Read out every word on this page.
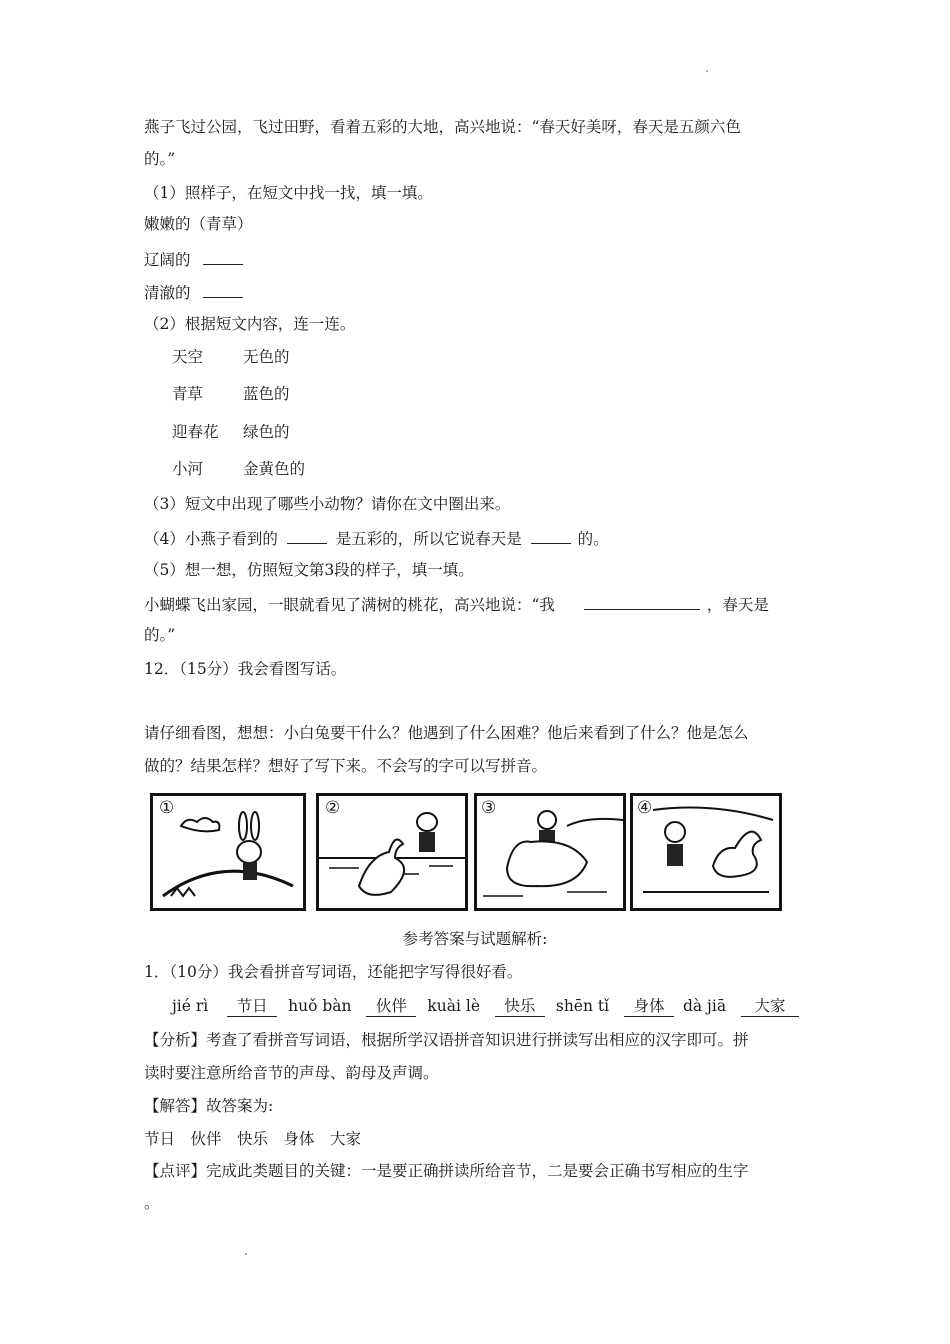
燕子飞过公园，飞过田野，看着五彩的大地，高兴地说：“春天好美呀，春天是五颜六色
的。”
（1）照样子，在短文中找一找，填一填。
嫩嫩的（青草）
辽阔的
清澈的
（2）根据短文内容，连一连。
天空	无色的
青草	蓝色的
迎春花 绿色的
小河	金黄色的
（3）短文中出现了哪些小动物？请你在文中圈出来。
（4）小燕子看到的	是五彩的，所以它说春天是	的。
（5）想一想，仿照短文第3段的样子，填一填。
小蝴蝶飞出家园，一眼就看见了满树的桃花，高兴地说：“我	，春天是
的。”
12．（15分）我会看图写话。
请仔细看图，想想：小白兔要干什么？他遇到了什么困难？他后来看到了什么？他是怎么
做的？结果怎样？想好了写下来。不会写的字可以写拼音。
①	②	③	④
参考答案与试题解析:
1．（10分）我会看拼音写词语，还能把字写得很好看。
jié rì 节日 huǒ bàn 伙伴 kuài lè 快乐 shēn tǐ 身体 dà jiā 大家
【分析】考查了看拼音写词语，根据所学汉语拼音知识进行拼读写出相应的汉字即可。拼
读时要注意所给音节的声母、韵母及声调。
【解答】故答案为:
节日　伙伴　快乐　身体　大家
【点评】完成此类题目的关键：一是要正确拼读所给音节，二是要会正确书写相应的生字
。
